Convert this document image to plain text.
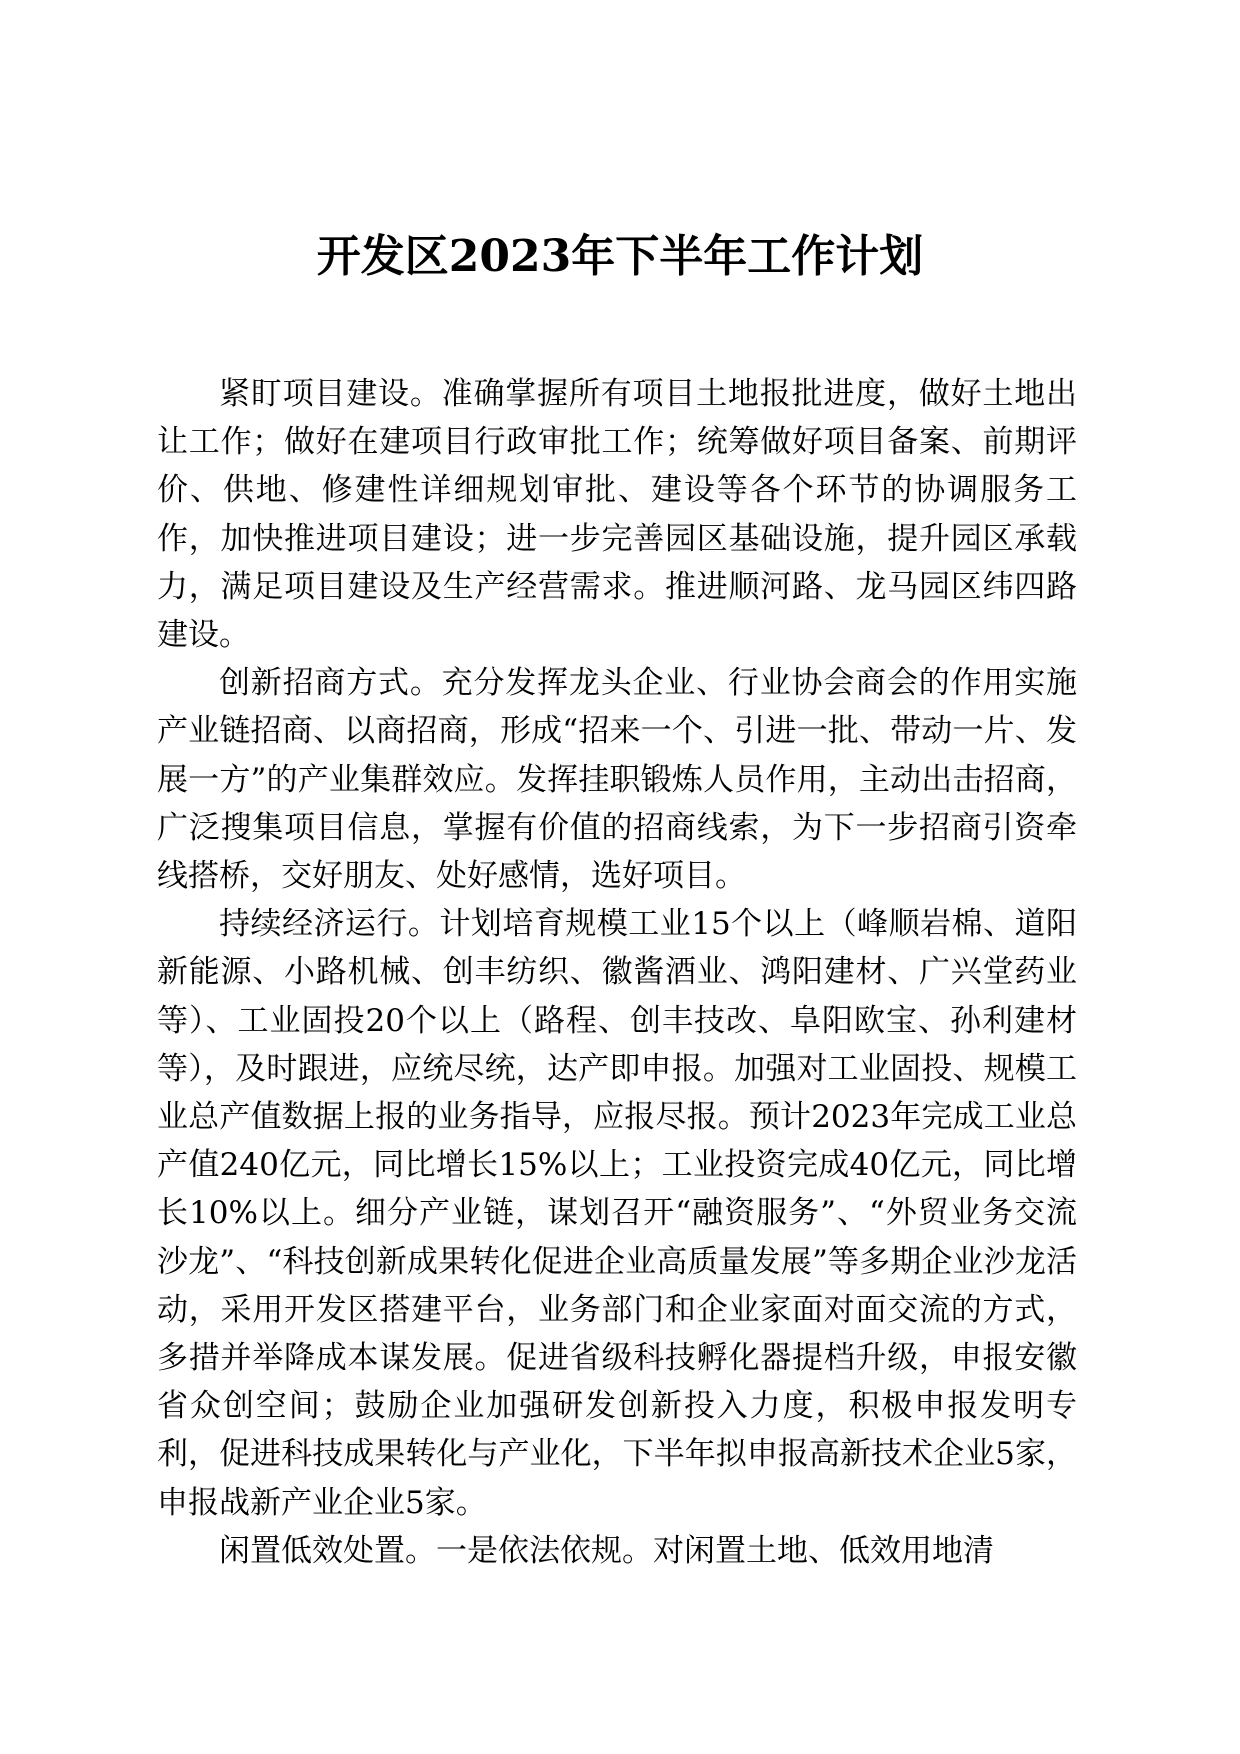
开发区2023年下半年工作计划

紧盯项目建设。准确掌握所有项目土地报批进度，做好土地出让工作；做好在建项目行政审批工作；统筹做好项目备案、前期评价、供地、修建性详细规划审批、建设等各个环节的协调服务工作，加快推进项目建设；进一步完善园区基础设施，提升园区承载力，满足项目建设及生产经营需求。推进顺河路、龙马园区纬四路建设。

创新招商方式。充分发挥龙头企业、行业协会商会的作用实施产业链招商、以商招商，形成“招来一个、引进一批、带动一片、发展一方”的产业集群效应。发挥挂职锻炼人员作用，主动出击招商，广泛搜集项目信息，掌握有价值的招商线索，为下一步招商引资牵线搭桥，交好朋友、处好感情，选好项目。

持续经济运行。计划培育规模工业15个以上（峰顺岩棉、道阳新能源、小路机械、创丰纺织、徽酱酒业、鸿阳建材、广兴堂药业等）、工业固投20个以上（路程、创丰技改、阜阳欧宝、孙利建材等），及时跟进，应统尽统，达产即申报。加强对工业固投、规模工业总产值数据上报的业务指导，应报尽报。预计2023年完成工业总产值240亿元，同比增长15%以上；工业投资完成40亿元，同比增长10%以上。细分产业链，谋划召开“融资服务”、“外贸业务交流沙龙”、“科技创新成果转化促进企业高质量发展”等多期企业沙龙活动，采用开发区搭建平台，业务部门和企业家面对面交流的方式，多措并举降成本谋发展。促进省级科技孵化器提档升级，申报安徽省众创空间；鼓励企业加强研发创新投入力度，积极申报发明专利，促进科技成果转化与产业化，下半年拟申报高新技术企业5家，申报战新产业企业5家。

闲置低效处置。一是依法依规。对闲置土地、低效用地清
